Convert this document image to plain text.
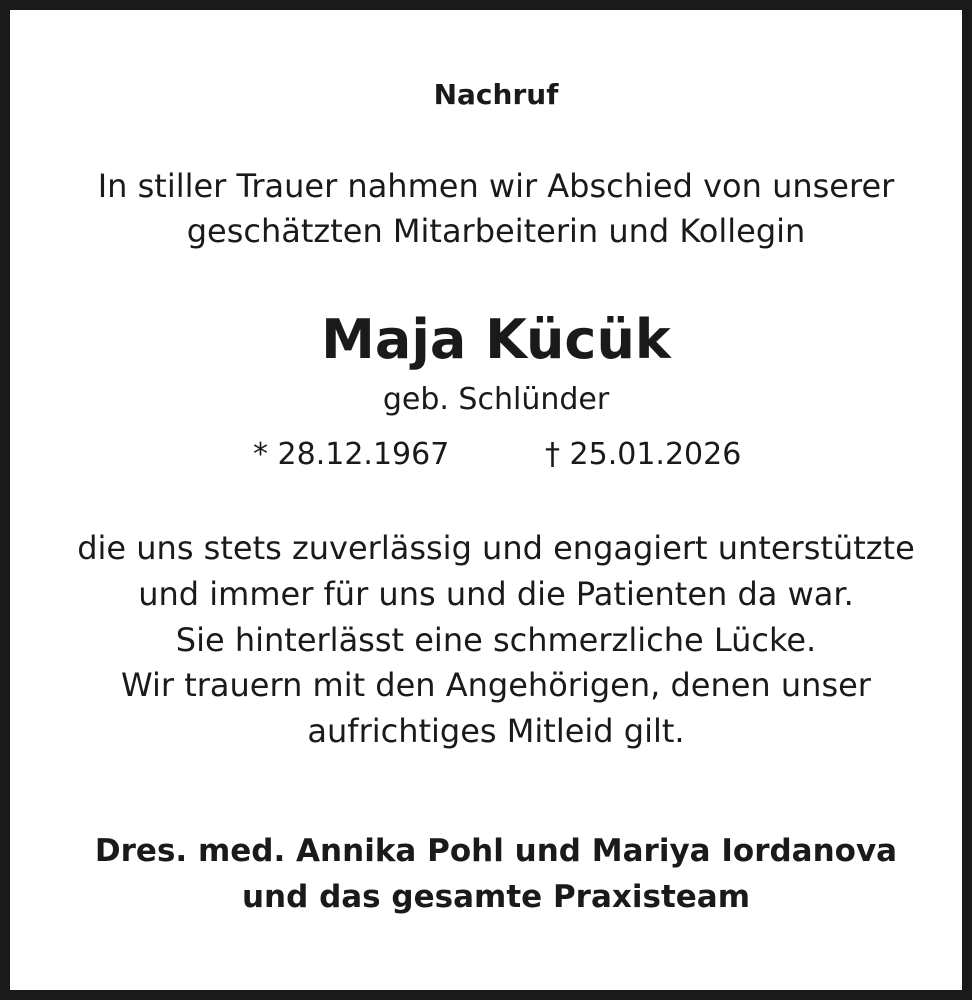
Nachruf
In stiller Trauer nahmen wir Abschied von unserer
geschätzten Mitarbeiterin und Kollegin
Maja Kücük
geb. Schlünder
* 28.12.1967	† 25.01.2026
die uns stets zuverlässig und engagiert unterstützte
und immer für uns und die Patienten da war.
Sie hinterlässt eine schmerzliche Lücke.
Wir trauern mit den Angehörigen, denen unser
aufrichtiges Mitleid gilt.
Dres. med. Annika Pohl und Mariya Iordanova
und das gesamte Praxisteam
